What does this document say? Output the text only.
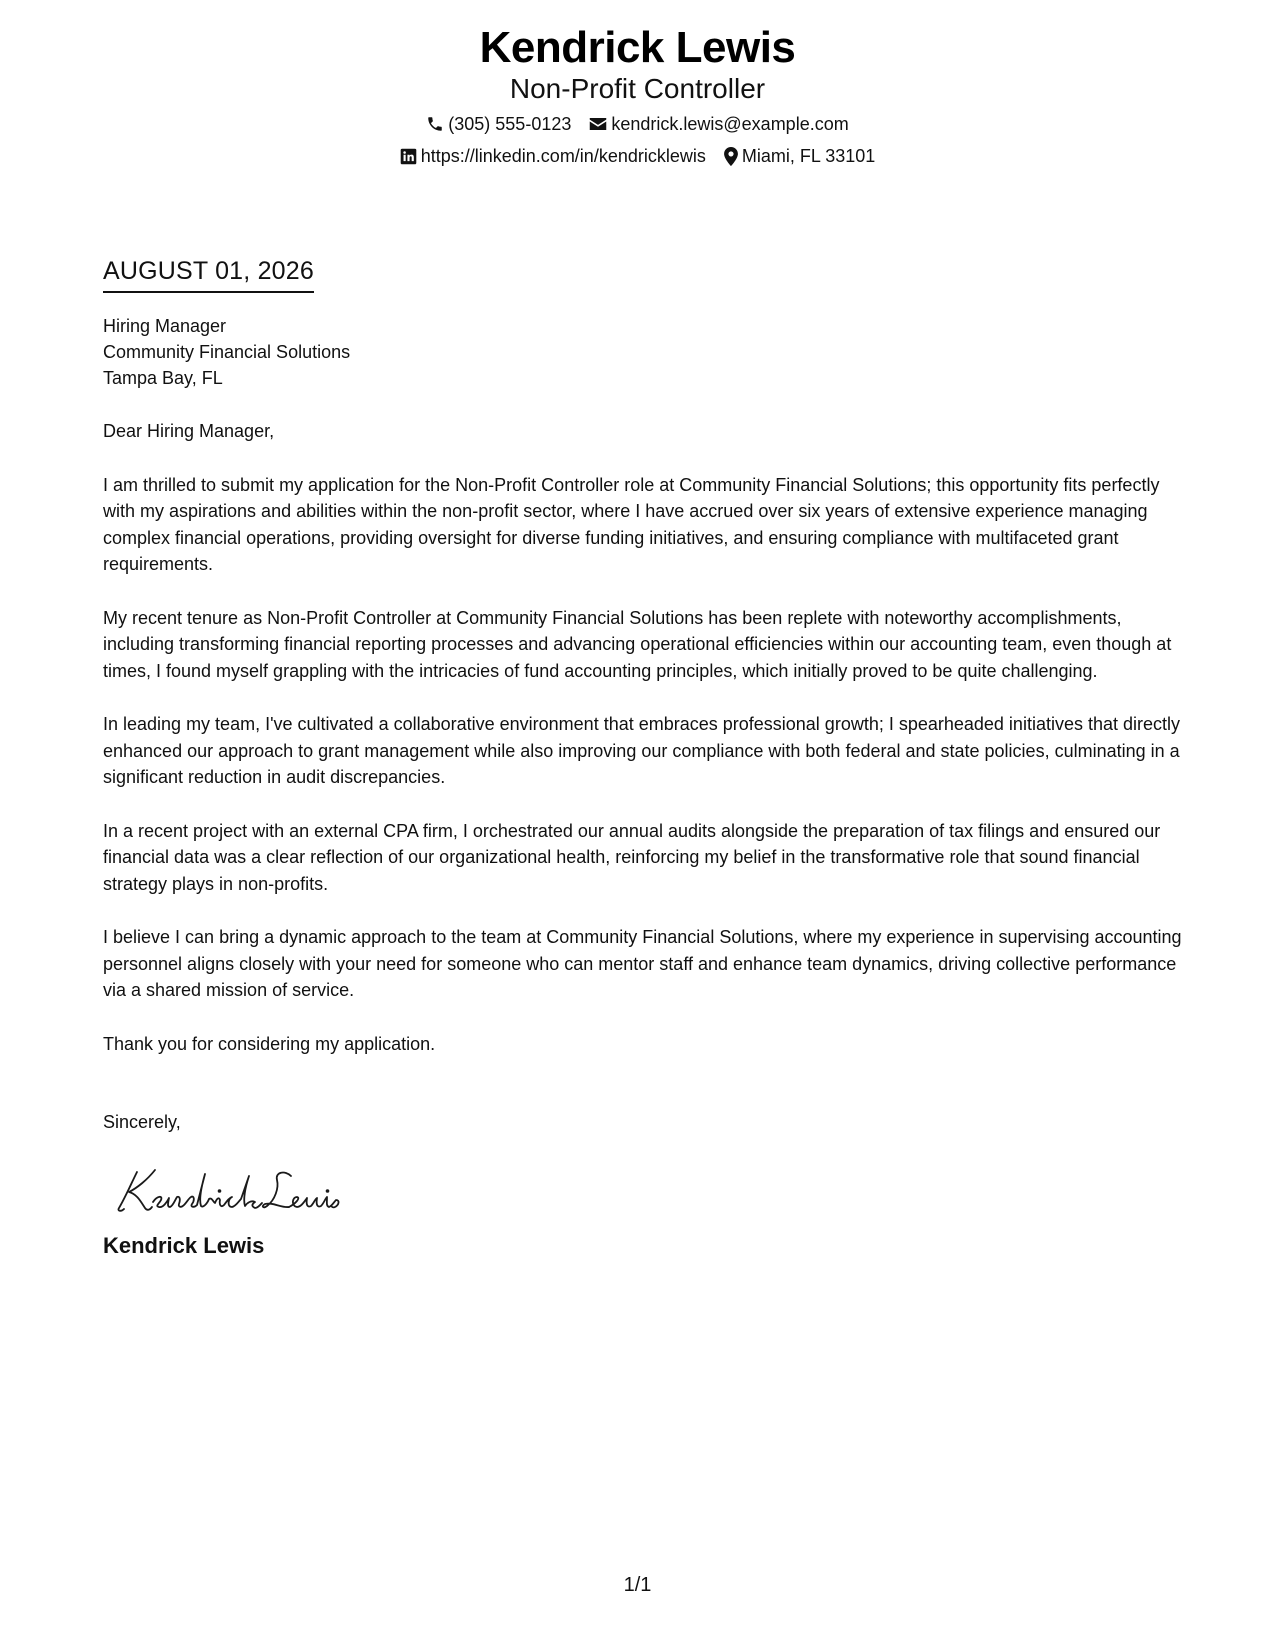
Kendrick Lewis
Non-Profit Controller
(305) 555-0123 kendrick.lewis@example.com
https://linkedin.com/in/kendricklewis Miami, FL 33101
AUGUST 01, 2026
Hiring Manager
Community Financial Solutions
Tampa Bay, FL
Dear Hiring Manager,
I am thrilled to submit my application for the Non-Profit Controller role at Community Financial Solutions; this opportunity fits perfectly with my aspirations and abilities within the non-profit sector, where I have accrued over six years of extensive experience managing complex financial operations, providing oversight for diverse funding initiatives, and ensuring compliance with multifaceted grant requirements.
My recent tenure as Non-Profit Controller at Community Financial Solutions has been replete with noteworthy accomplishments, including transforming financial reporting processes and advancing operational efficiencies within our accounting team, even though at times, I found myself grappling with the intricacies of fund accounting principles, which initially proved to be quite challenging.
In leading my team, I've cultivated a collaborative environment that embraces professional growth; I spearheaded initiatives that directly enhanced our approach to grant management while also improving our compliance with both federal and state policies, culminating in a significant reduction in audit discrepancies.
In a recent project with an external CPA firm, I orchestrated our annual audits alongside the preparation of tax filings and ensured our financial data was a clear reflection of our organizational health, reinforcing my belief in the transformative role that sound financial strategy plays in non-profits.
I believe I can bring a dynamic approach to the team at Community Financial Solutions, where my experience in supervising accounting personnel aligns closely with your need for someone who can mentor staff and enhance team dynamics, driving collective performance via a shared mission of service.
Thank you for considering my application.
Sincerely,
Kendrick Lewis
1/1
